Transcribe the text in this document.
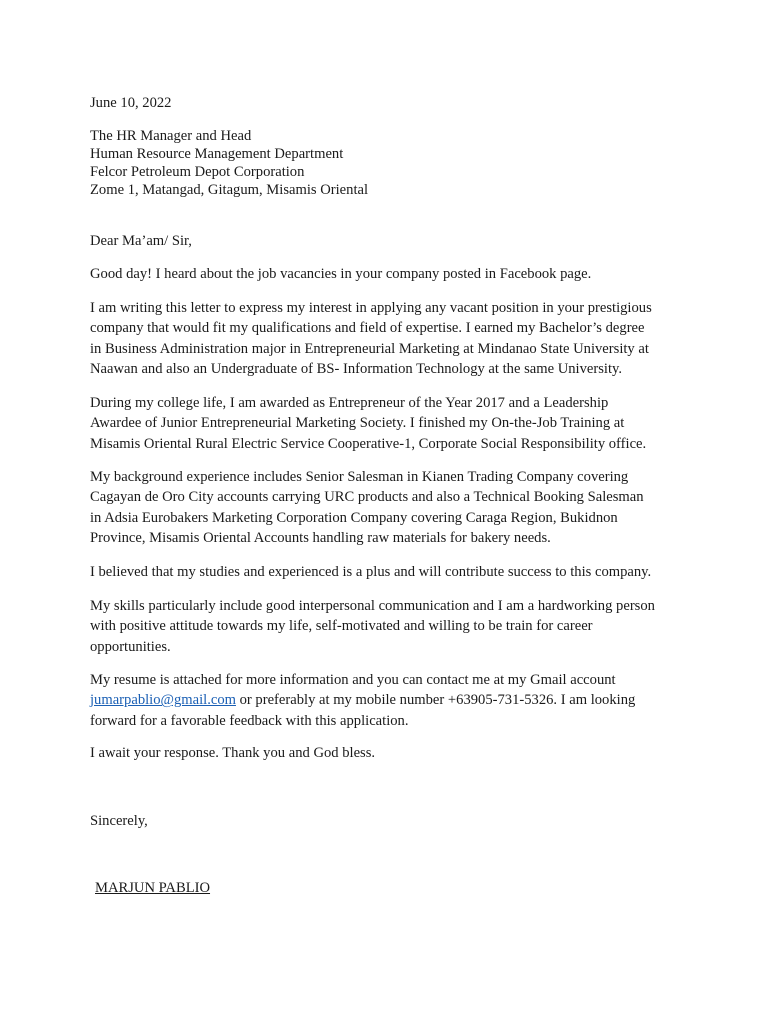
June 10, 2022

The HR Manager and Head

Human Resource Management Department

Felcor Petroleum Depot Corporation

Zome 1, Matangad, Gitagum, Misamis Oriental

Dear Ma’am/ Sir,

Good day! I heard about the job vacancies in your company posted in Facebook page.
I am writing this letter to express my interest in applying any vacant position in your prestigious
company that would fit my qualifications and field of expertise. I earned my Bachelor’s degree
in Business Administration major in Entrepreneurial Marketing at Mindanao State University at
Naawan and also an Undergraduate of BS- Information Technology at the same University.
During my college life, I am awarded as Entrepreneur of the Year 2017 and a Leadership
Awardee of Junior Entrepreneurial Marketing Society. I finished my On-the-Job Training at
Misamis Oriental Rural Electric Service Cooperative-1, Corporate Social Responsibility office.
My background experience includes Senior Salesman in Kianen Trading Company covering
Cagayan de Oro City accounts carrying URC products and also a Technical Booking Salesman
in Adsia Eurobakers Marketing Corporation Company covering Caraga Region, Bukidnon
Province, Misamis Oriental Accounts handling raw materials for bakery needs.
I believed that my studies and experienced is a plus and will contribute success to this company.
My skills particularly include good interpersonal communication and I am a hardworking person
with positive attitude towards my life, self-motivated and willing to be train for career
opportunities.
My resume is attached for more information and you can contact me at my Gmail account
jumarpablio@gmail.com or preferably at my mobile number +63905-731-5326. I am looking
forward for a favorable feedback with this application.
I await your response. Thank you and God bless.

Sincerely,

MARJUN PABLIO
